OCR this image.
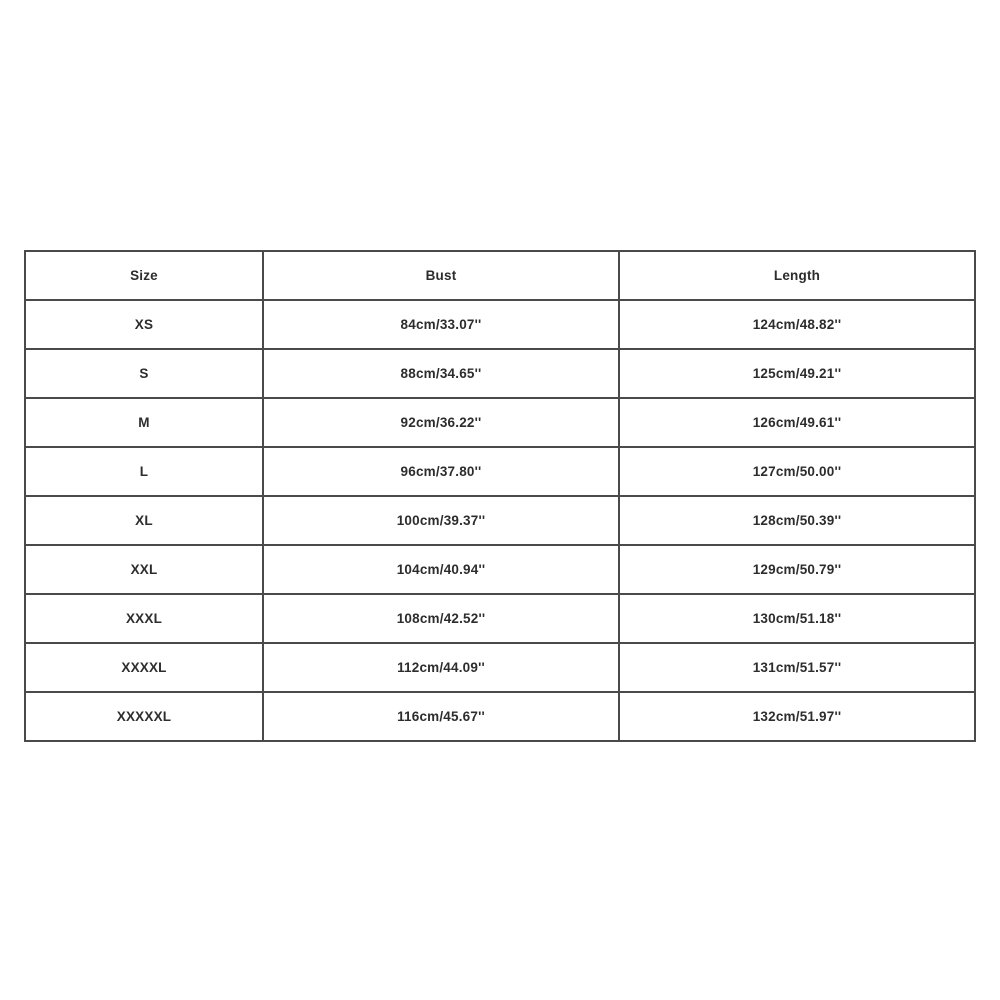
Size	Bust	Length
XS	84cm/33.07''	124cm/48.82''
S	88cm/34.65''	125cm/49.21''
M	92cm/36.22''	126cm/49.61''
L	96cm/37.80''	127cm/50.00''
XL	100cm/39.37''	128cm/50.39''
XXL	104cm/40.94''	129cm/50.79''
XXXL	108cm/42.52''	130cm/51.18''
XXXXL	112cm/44.09''	131cm/51.57''
XXXXXL	116cm/45.67''	132cm/51.97''
